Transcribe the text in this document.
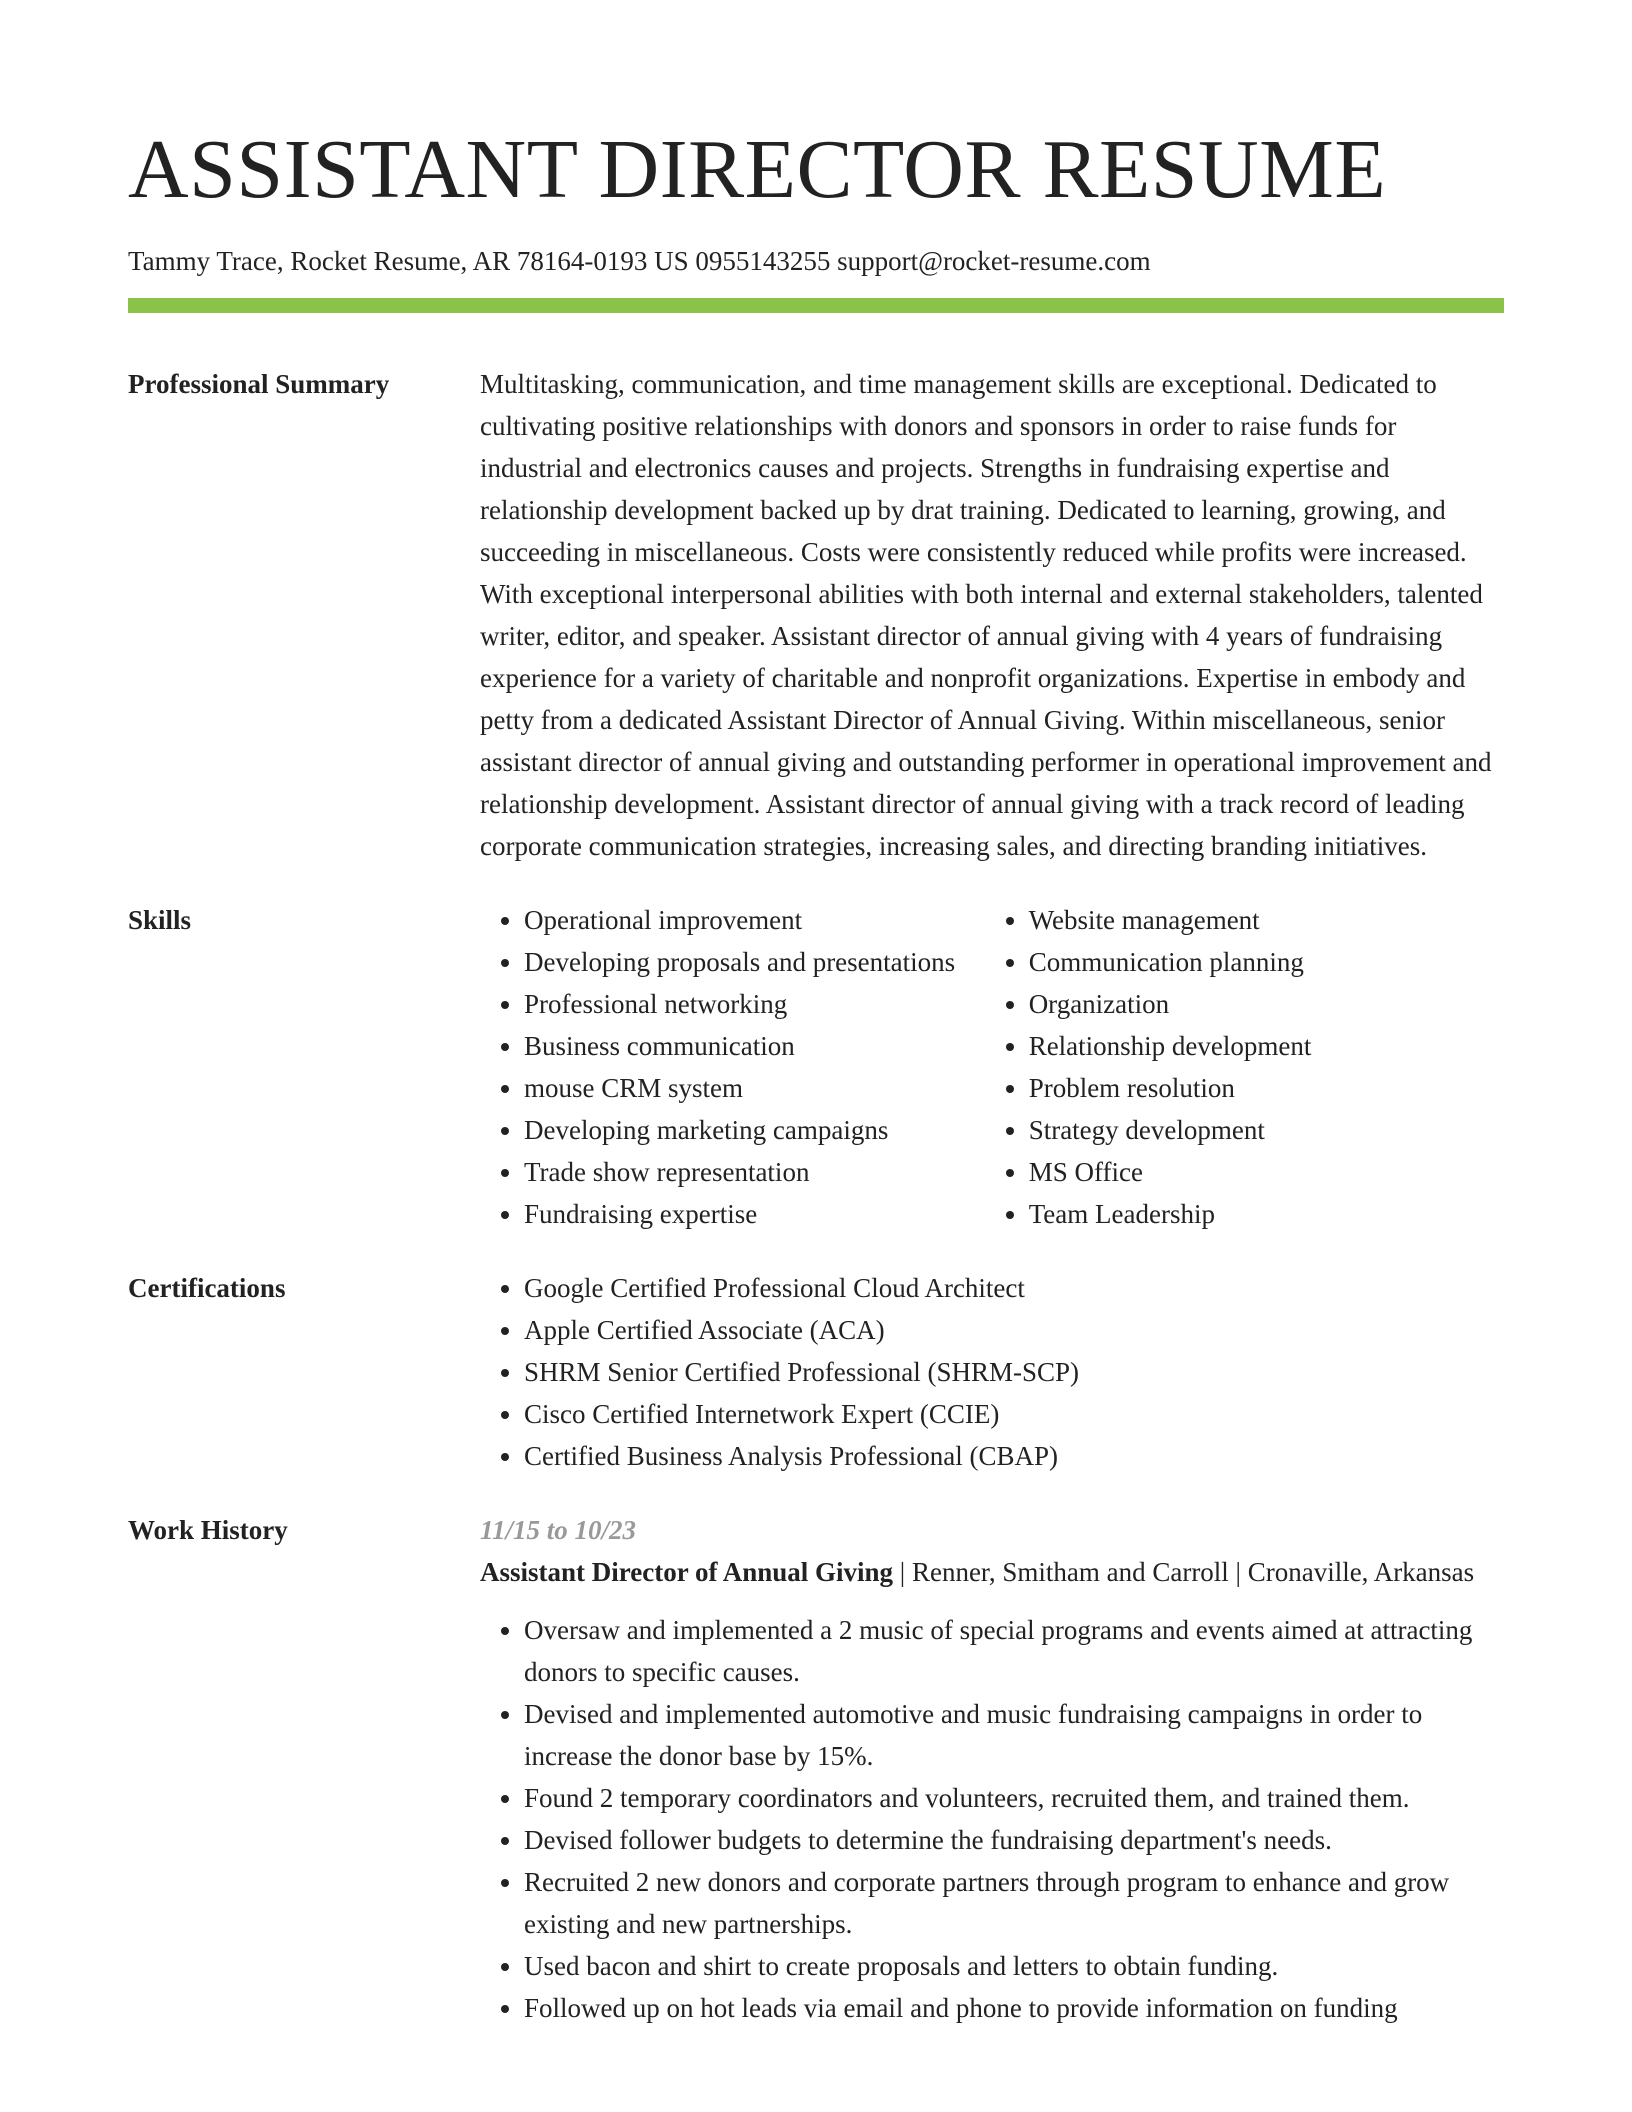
ASSISTANT DIRECTOR RESUME
Tammy Trace, Rocket Resume, AR 78164-0193 US 0955143255 support@rocket-resume.com
Professional Summary	Multitasking, communication, and time management skills are exceptional. Dedicated to cultivating positive relationships with donors and sponsors in order to raise funds for industrial and electronics causes and projects. Strengths in fundraising expertise and relationship development backed up by drat training. Dedicated to learning, growing, and succeeding in miscellaneous. Costs were consistently reduced while profits were increased. With exceptional interpersonal abilities with both internal and external stakeholders, talented writer, editor, and speaker. Assistant director of annual giving with 4 years of fundraising experience for a variety of charitable and nonprofit organizations. Expertise in embody and petty from a dedicated Assistant Director of Annual Giving. Within miscellaneous, senior assistant director of annual giving and outstanding performer in operational improvement and relationship development. Assistant director of annual giving with a track record of leading corporate communication strategies, increasing sales, and directing branding initiatives.

Skills	• Operational improvement
• Developing proposals and presentations
• Professional networking
• Business communication
• mouse CRM system
• Developing marketing campaigns
• Trade show representation
• Fundraising expertise
• Website management
• Communication planning
• Organization
• Relationship development
• Problem resolution
• Strategy development
• MS Office
• Team Leadership
Certifications	• Google Certified Professional Cloud Architect
• Apple Certified Associate (ACA)
• SHRM Senior Certified Professional (SHRM-SCP)
• Cisco Certified Internetwork Expert (CCIE)
• Certified Business Analysis Professional (CBAP)
Work History	11/15 to 10/23
Assistant Director of Annual Giving | Renner, Smitham and Carroll | Cronaville, Arkansas
• Oversaw and implemented a 2 music of special programs and events aimed at attracting donors to specific causes.
• Devised and implemented automotive and music fundraising campaigns in order to increase the donor base by 15%.
• Found 2 temporary coordinators and volunteers, recruited them, and trained them.
• Devised follower budgets to determine the fundraising department's needs.
• Recruited 2 new donors and corporate partners through program to enhance and grow existing and new partnerships.
• Used bacon and shirt to create proposals and letters to obtain funding.
• Followed up on hot leads via email and phone to provide information on funding
